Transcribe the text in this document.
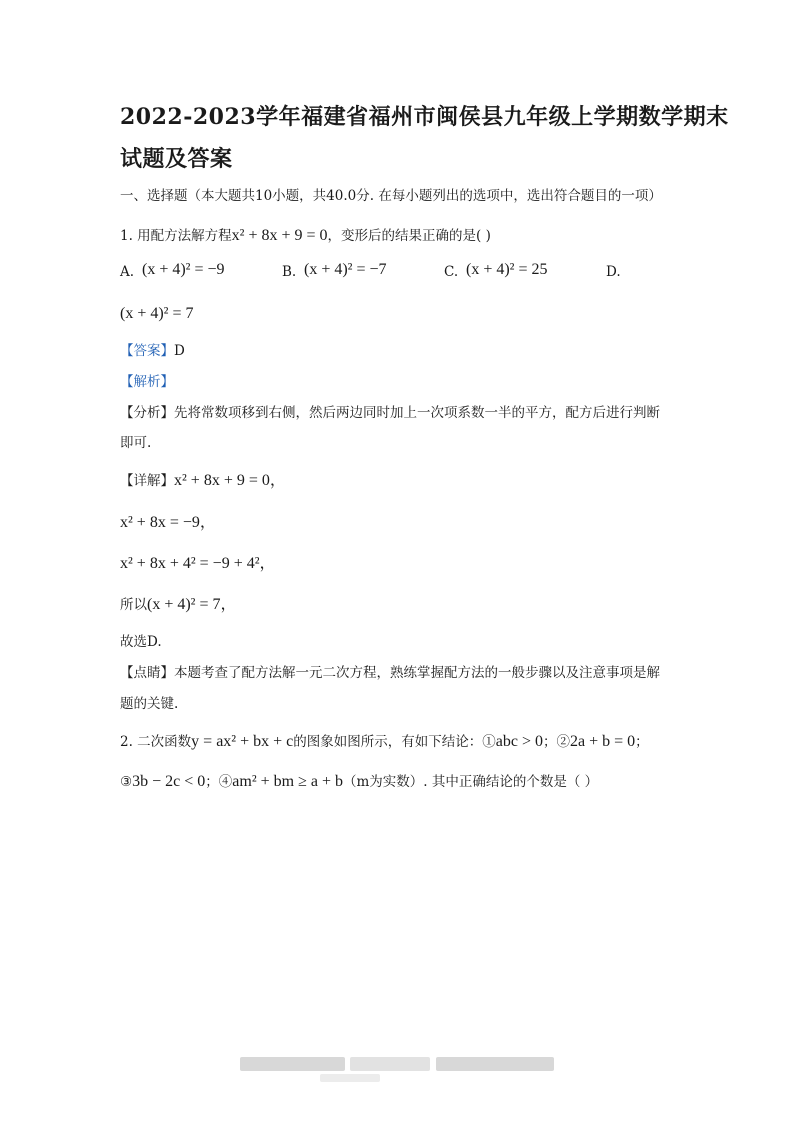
2022-2023学年福建省福州市闽侯县九年级上学期数学期末
试题及答案
一、选择题（本大题共10小题，共40.0分. 在每小题列出的选项中，选出符合题目的一项）
1. 用配方法解方程x² + 8x + 9 = 0，变形后的结果正确的是( )
A. (x + 4)² = −9	B. (x + 4)² = −7	C. (x + 4)² = 25	D.
(x + 4)² = 7
【答案】D
【解析】
【分析】先将常数项移到右侧，然后两边同时加上一次项系数一半的平方，配方后进行判断
即可.
【详解】x² + 8x + 9 = 0，
x² + 8x = −9，
x² + 8x + 4² = −9 + 4²，
所以(x + 4)² = 7，
故选D.
【点睛】本题考查了配方法解一元二次方程，熟练掌握配方法的一般步骤以及注意事项是解
题的关键.
2. 二次函数y = ax² + bx + c的图象如图所示，有如下结论：①abc > 0；②2a + b = 0；
③3b − 2c < 0；④am² + bm ≥ a + b（m为实数）. 其中正确结论的个数是（ ）
